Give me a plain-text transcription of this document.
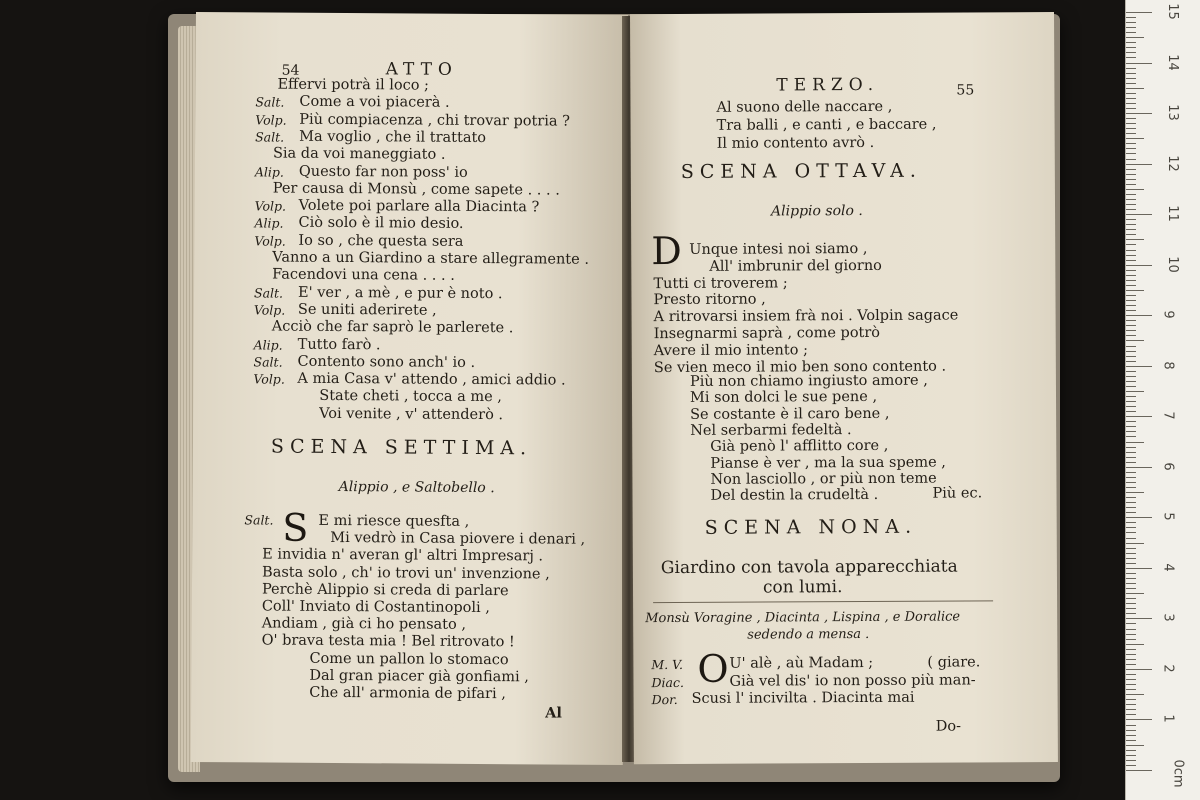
54	ATTO
Effervi potrà il loco ;
Salt. Come a voi piacerà .
Volp. Più compiacenza , chi trovar potria ?
Salt. Ma voglio , che il trattato
Sia da voi maneggiato .
Alip. Questo far non poss' io
Per causa di Monsù , come sapete . . . .
Volp. Volete poi parlare alla Diacinta ?
Alip. Ciò solo è il mio desio.
Volp. Io so , che questa sera
Vanno a un Giardino a stare allegramente .
Facendovi una cena . . . .
Salt. E' ver , a mè , e pur è noto .
Volp. Se uniti aderirete ,
Acciò che far saprò le parlerete .
Alip. Tutto farò .
Salt. Contento sono anch' io .
Volp. A mia Casa v' attendo , amici addio .
State cheti , tocca a me ,
Voi venite , v' attenderò .
SCENA SETTIMA.
Alippio , e Saltobello .
Salt. S E mi riesce quesfta ,
Mi vedrò in Casa piovere i denari ,
E invidia n' averan gl' altri Impresarj .
Basta solo , ch' io trovi un' invenzione ,
Perchè Alippio si creda di parlare
Coll' Inviato di Costantinopoli ,
Andiam , già ci ho pensato ,
O' brava testa mia ! Bel ritrovato !
Come un pallon lo stomaco
Dal gran piacer già gonfiami ,
Che all' armonia de pifari ,
Al
TERZO.	55
Al suono delle naccare ,
Tra balli , e canti , e baccare ,
Il mio contento avrò .
SCENA OTTAVA.
Alippio solo .
D Unque intesi noi siamo ,
All' imbrunir del giorno
Tutti ci troverem ;
Presto ritorno ,
A ritrovarsi insiem frà noi . Volpin sagace
Insegnarmi saprà , come potrò
Avere il mio intento ;
Se vien meco il mio ben sono contento .
Più non chiamo ingiusto amore ,
Mi son dolci le sue pene ,
Se costante è il caro bene ,
Nel serbarmi fedeltà .
Già penò l' afflitto core ,
Pianse è ver , ma la sua speme ,
Non lasciollo , or più non teme
Del destin la crudeltà .	Più ec.
SCENA NONA.
Giardino con tavola apparecchiata
con lumi.
Monsù Voragine , Diacinta , Lispina , e Doralice
sedendo a mensa .
O
M. V.	U' alè , aù Madam ;	( giare.
Diac.	Già vel dis' io non posso più man-
Dor. Scusi l' incivilta . Diacinta mai
Do-	1
2
3
4
5
6
7
8
9
10
11
12
13
14
15
0cm
